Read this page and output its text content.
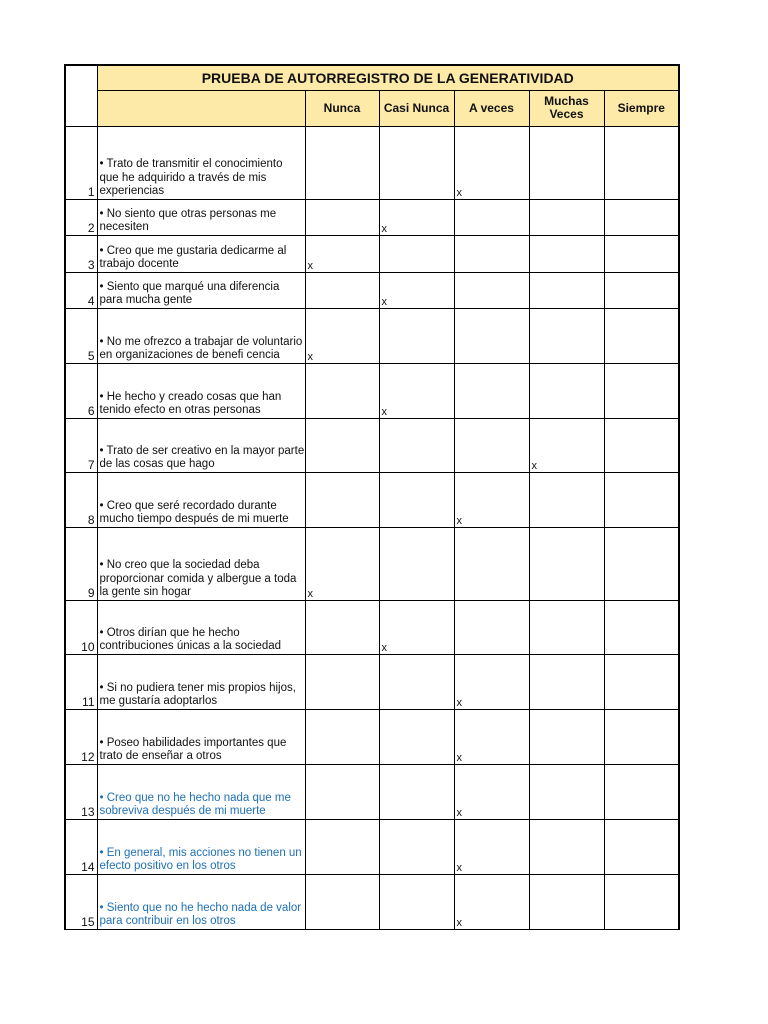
	PRUEBA DE AUTORREGISTRO DE LA GENERATIVIDAD					
		Nunca	Casi Nunca	A veces	Muchas Veces	Siempre

1	• Trato de transmitir el conocimiento que he adquirido a través de mis experiencias			x		

2	• No siento que otras personas me necesiten		x			

3	• Creo que me gustaria dedicarme al trabajo docente	x				

4	• Siento que marqué una diferencia para mucha gente		x			

5	• No me ofrezco a trabajar de voluntario en organizaciones de benefi cencia	x				

6	• He hecho y creado cosas que han tenido efecto en otras personas		x			

7	• Trato de ser creativo en la mayor parte de las cosas que hago				x	

8	• Creo que seré recordado durante mucho tiempo después de mi muerte			x		

9	• No creo que la sociedad deba proporcionar comida y albergue a toda la gente sin hogar	x				

10	• Otros dirían que he hecho contribuciones únicas a la sociedad		x			

11	• Si no pudiera tener mis propios hijos, me gustaría adoptarlos			x		

12	• Poseo habilidades importantes que trato de enseñar a otros			x		

13	• Creo que no he hecho nada que me sobreviva después de mi muerte			x		

14	• En general, mis acciones no tienen un efecto positivo en los otros			x		

15	• Siento que no he hecho nada de valor para contribuir en los otros			x		
